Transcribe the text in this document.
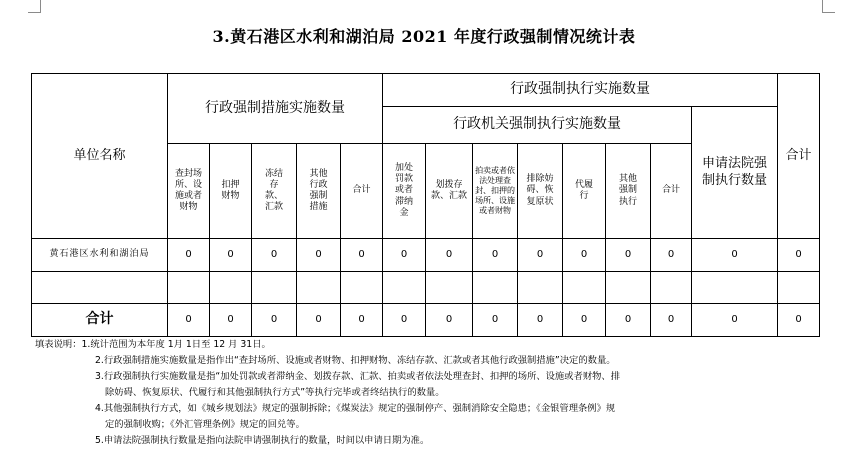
3.黄石港区水利和湖泊局 2021 年度行政强制情况统计表
单位名称	行政强制措施实施数量					行政强制执行实施数量								合计
						行政机关强制执行实施数量							申请法院强制执行数量	
	查封场所、设施或者财物	扣押财物	冻结存款、汇款	其他行政强制措施	合计	加处罚款或者滞纳金	划拨存款、汇款	拍卖或者依法处理查封、扣押的场所、设施或者财物	排除妨碍、恢复原状	代履行	其他强制执行	合计		
黄石港区水利和湖泊局	0	0	0	0	0	0	0	0	0	0	0	0	0	0

合计	0	0	0	0	0	0	0	0	0	0	0	0	0	0
填表说明：1.统计范围为本年度 1月 1日至 12 月 31日。
2.行政强制措施实施数量是指作出“查封场所、设施或者财物、扣押财物、冻结存款、汇款或者其他行政强制措施”决定的数量。
3.行政强制执行实施数量是指“加处罚款或者滞纳金、划拨存款、汇款、拍卖或者依法处理查封、扣押的场所、设施或者财物、排
除妨碍、恢复原状、代履行和其他强制执行方式”等执行完毕或者终结执行的数量。
4.其他强制执行方式，如《城乡规划法》规定的强制拆除；《煤炭法》规定的强制停产、强制消除安全隐患；《金银管理条例》规
定的强制收购；《外汇管理条例》规定的回兑等。
5.申请法院强制执行数量是指向法院申请强制执行的数量，时间以申请日期为准。
